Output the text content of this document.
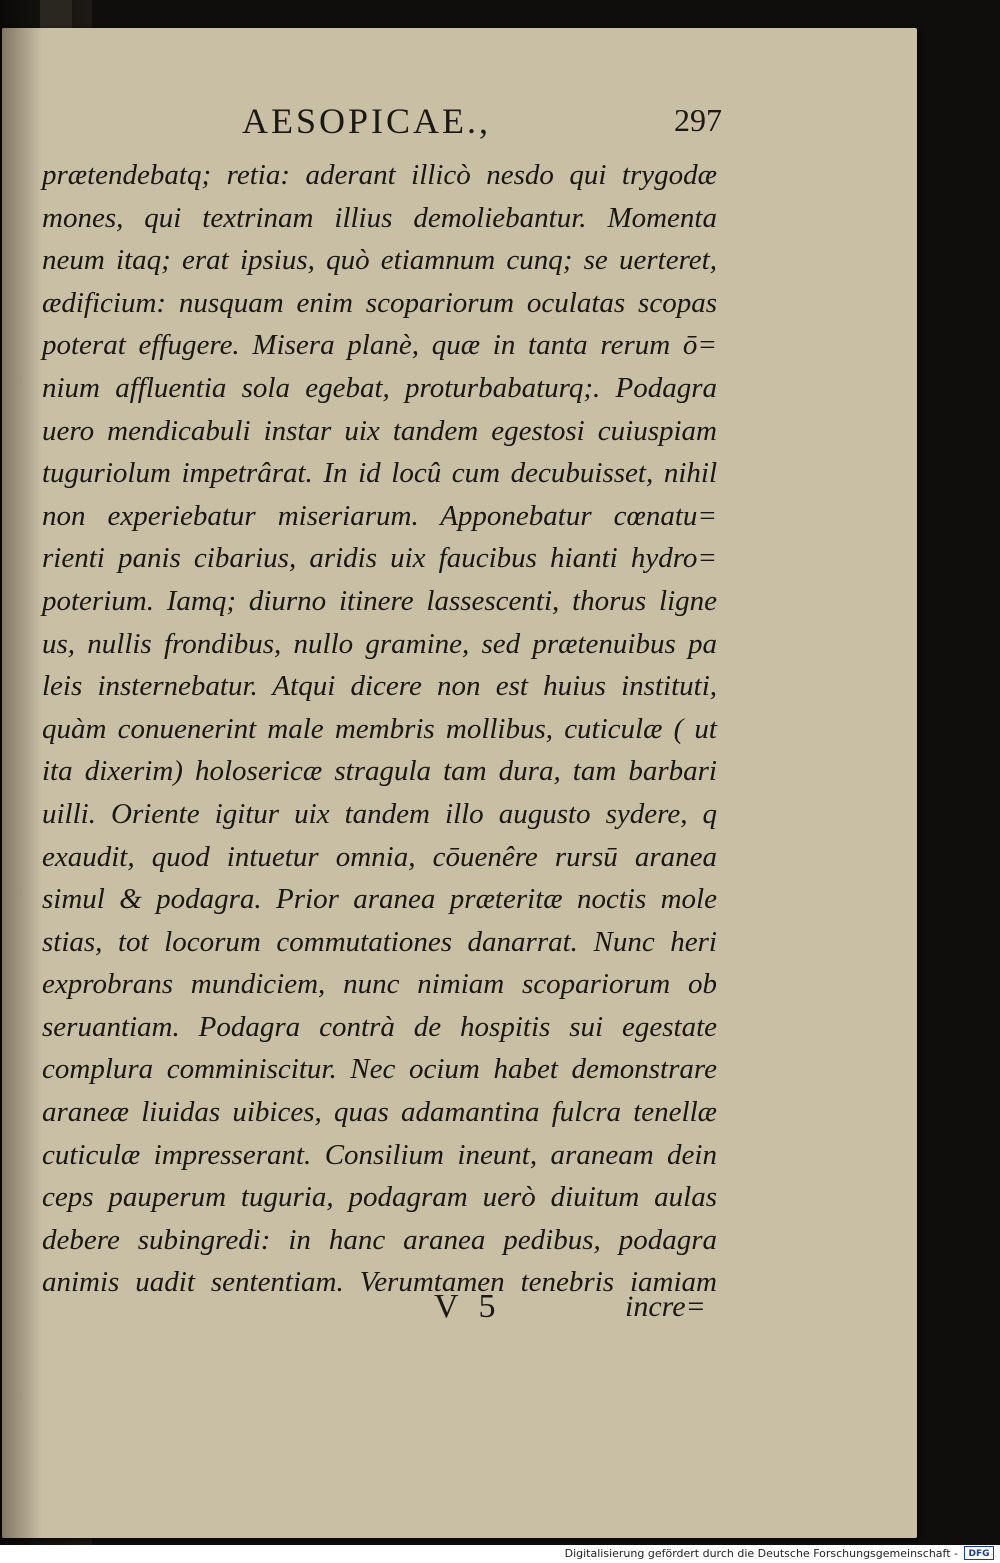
AESOPICAE.,	297
prætendebatq; retia: aderant illicò nesdo qui trygodæ
mones, qui textrinam illius demoliebantur. Momenta
neum itaq; erat ipsius, quò etiamnum cunq; se uerteret,
ædificium: nusquam enim scopariorum oculatas scopas
poterat effugere. Misera planè, quæ in tanta rerum ō=
nium affluentia sola egebat, proturbabaturq;. Podagra
uero mendicabuli instar uix tandem egestosi cuiuspiam
tuguriolum impetrârat. In id locû cum decubuisset, nihil
non experiebatur miseriarum. Apponebatur cœnatu=
rienti panis cibarius, aridis uix faucibus hianti hydro=
poterium. Iamq; diurno itinere lassescenti, thorus ligne
us, nullis frondibus, nullo gramine, sed prætenuibus pa
leis insternebatur. Atqui dicere non est huius instituti,
quàm conuenerint male membris mollibus, cuticulæ ( ut
ita dixerim) holosericæ stragula tam dura, tam barbari
uilli. Oriente igitur uix tandem illo augusto sydere, q
exaudit, quod intuetur omnia, cōuenêre rursū aranea
simul & podagra. Prior aranea præteritæ noctis mole
stias, tot locorum commutationes danarrat. Nunc heri
exprobrans mundiciem, nunc nimiam scopariorum ob
seruantiam. Podagra contrà de hospitis sui egestate
complura comminiscitur. Nec ocium habet demonstrare
araneæ liuidas uibices, quas adamantina fulcra tenellæ
cuticulæ impresserant. Consilium ineunt, araneam dein
ceps pauperum tuguria, podagram uerò diuitum aulas
debere subingredi: in hanc aranea pedibus, podagra
animis uadit sententiam. Verumtamen tenebris iamiam
V 5	incre=
Digitalisierung gefördert durch die Deutsche Forschungsgemeinschaft -	DFG
